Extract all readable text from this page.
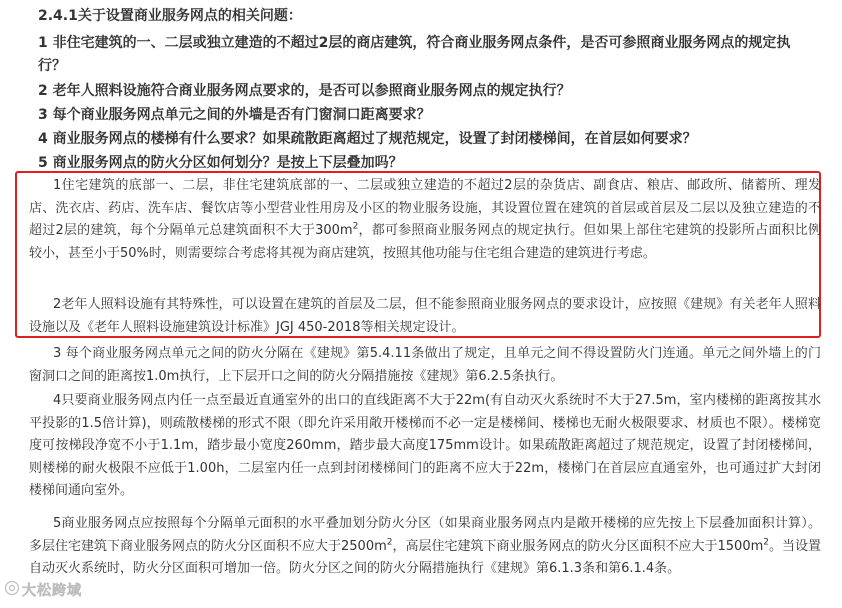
2.4.1关于设置商业服务网点的相关问题：
1 非住宅建筑的一、二层或独立建造的不超过2层的商店建筑，符合商业服务网点条件，是否可参照商业服务网点的规定执行？
2 老年人照料设施符合商业服务网点要求的，是否可以参照商业服务网点的规定执行？
3 每个商业服务网点单元之间的外墙是否有门窗洞口距离要求？
4 商业服务网点的楼梯有什么要求？如果疏散距离超过了规范规定，设置了封闭楼梯间，在首层如何要求？
5 商业服务网点的防火分区如何划分？是按上下层叠加吗？
1住宅建筑的底部一、二层，非住宅建筑底部的一、二层或独立建造的不超过2层的杂货店、副食店、粮店、邮政所、储蓄所、理发店、洗衣店、药店、洗车店、餐饮店等小型营业性用房及小区的物业服务设施，其设置位置在建筑的首层或首层及二层以及独立建造的不超过2层的建筑，每个分隔单元总建筑面积不大于$300m^2$，都可参照商业服务网点的规定执行。但如果上部住宅建筑的投影所占面积比例较小，甚至小于50%时，则需要综合考虑将其视为商店建筑，按照其他功能与住宅组合建造的建筑进行考虑。
2老年人照料设施有其特殊性，可以设置在建筑的首层及二层，但不能参照商业服务网点的要求设计，应按照《建规》有关老年人照料设施以及《老年人照料设施建筑设计标准》JGJ 450-2018等相关规定设计。
3 每个商业服务网点单元之间的防火分隔在《建规》第5.4.11条做出了规定，且单元之间不得设置防火门连通。单元之间外墙上的门窗洞口之间的距离按1.0m执行，上下层开口之间的防火分隔措施按《建规》第6.2.5条执行。
4只要商业服务网点内任一点至最近直通室外的出口的直线距离不大于22m(有自动灭火系统时不大于27.5m，室内楼梯的距离按其水平投影的1.5倍计算)，则疏散楼梯的形式不限（即允许采用敞开楼梯而不必一定是楼梯间、楼梯也无耐火极限要求、材质也不限）。楼梯宽度可按梯段净宽不小于1.1m，踏步最小宽度260mm，踏步最大高度175mm设计。如果疏散距离超过了规范规定，设置了封闭楼梯间，则楼梯的耐火极限不应低于1.00h，二层室内任一点到封闭楼梯间门的距离不应大于22m，楼梯门在首层应直通室外，也可通过扩大封闭楼梯间通向室外。
5商业服务网点应按照每个分隔单元面积的水平叠加划分防火分区（如果商业服务网点内是敞开楼梯的应先按上下层叠加面积计算）。多层住宅建筑下商业服务网点的防火分区面积不应大于$2500m^2$，高层住宅建筑下商业服务网点的防火分区面积不应大于$1500m^2$。当设置自动灭火系统时，防火分区面积可增加一倍。防火分区之间的防火分隔措施执行《建规》第6.1.3条和第6.1.4条。
大松跨域
